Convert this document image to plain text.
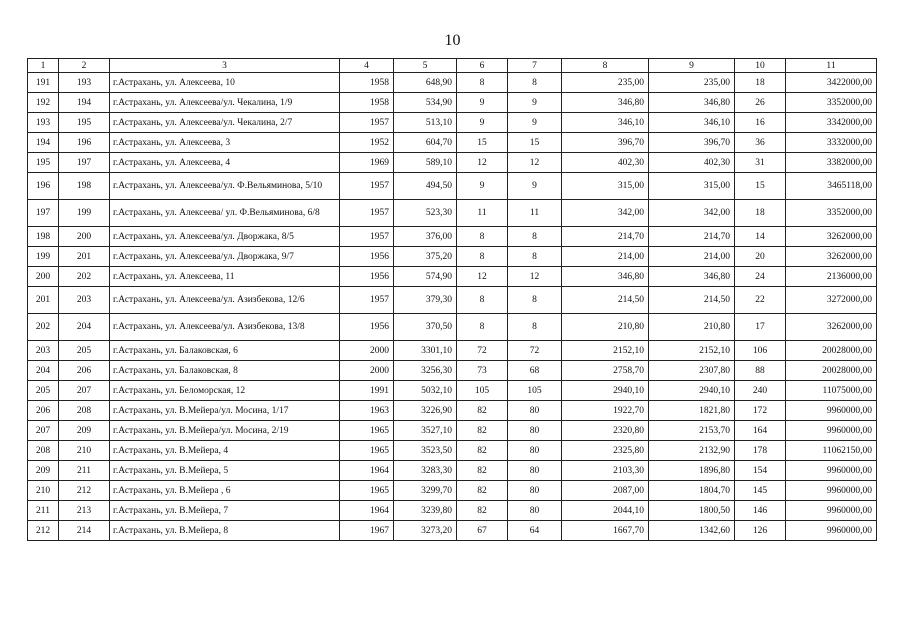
10
1	2	3	4	5	6	7	8	9	10	11
191	193	г.Астрахань, ул. Алексеева, 10	1958	648,90	8	8	235,00	235,00	18	3422000,00
192	194	г.Астрахань, ул. Алексеева/ул. Чекалина, 1/9	1958	534,90	9	9	346,80	346,80	26	3352000,00
193	195	г.Астрахань, ул. Алексеева/ул. Чекалина, 2/7	1957	513,10	9	9	346,10	346,10	16	3342000,00
194	196	г.Астрахань, ул. Алексеева, 3	1952	604,70	15	15	396,70	396,70	36	3332000,00
195	197	г.Астрахань, ул. Алексеева, 4	1969	589,10	12	12	402,30	402,30	31	3382000,00
196	198	г.Астрахань, ул. Алексеева/ул. Ф.Вельяминова, 5/10	1957	494,50	9	9	315,00	315,00	15	3465118,00
197	199	г.Астрахань, ул. Алексеева/ ул. Ф.Вельяминова, 6/8	1957	523,30	11	11	342,00	342,00	18	3352000,00
198	200	г.Астрахань, ул. Алексеева/ул. Дворжака, 8/5	1957	376,00	8	8	214,70	214,70	14	3262000,00
199	201	г.Астрахань, ул. Алексеева/ул. Дворжака, 9/7	1956	375,20	8	8	214,00	214,00	20	3262000,00
200	202	г.Астрахань, ул. Алексеева, 11	1956	574,90	12	12	346,80	346,80	24	2136000,00
201	203	г.Астрахань, ул. Алексеева/ул. Азизбекова, 12/6	1957	379,30	8	8	214,50	214,50	22	3272000,00
202	204	г.Астрахань, ул. Алексеева/ул. Азизбекова, 13/8	1956	370,50	8	8	210,80	210,80	17	3262000,00
203	205	г.Астрахань, ул. Балаковская, 6	2000	3301,10	72	72	2152,10	2152,10	106	20028000,00
204	206	г.Астрахань, ул. Балаковская, 8	2000	3256,30	73	68	2758,70	2307,80	88	20028000,00
205	207	г.Астрахань, ул. Беломорская, 12	1991	5032,10	105	105	2940,10	2940,10	240	11075000,00
206	208	г.Астрахань, ул. В.Мейера/ул. Мосина, 1/17	1963	3226,90	82	80	1922,70	1821,80	172	9960000,00
207	209	г.Астрахань, ул. В.Мейера/ул. Мосина, 2/19	1965	3527,10	82	80	2320,80	2153,70	164	9960000,00
208	210	г.Астрахань, ул. В.Мейера, 4	1965	3523,50	82	80	2325,80	2132,90	178	11062150,00
209	211	г.Астрахань, ул. В.Мейера, 5	1964	3283,30	82	80	2103,30	1896,80	154	9960000,00
210	212	г.Астрахань, ул. В.Мейера , 6	1965	3299,70	82	80	2087,00	1804,70	145	9960000,00
211	213	г.Астрахань, ул. В.Мейера, 7	1964	3239,80	82	80	2044,10	1800,50	146	9960000,00
212	214	г.Астрахань, ул. В.Мейера, 8	1967	3273,20	67	64	1667,70	1342,60	126	9960000,00
